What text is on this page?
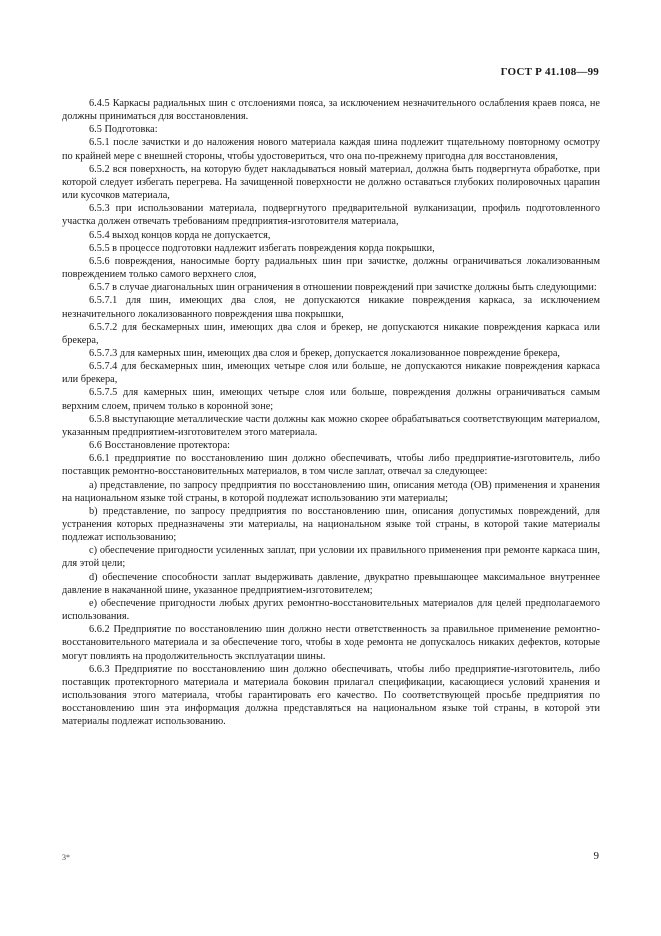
ГОСТ Р 41.108—99

6.4.5 Каркасы радиальных шин с отслоениями пояса, за исключением незначительного ослабления краев пояса, не должны приниматься для восстановления.

6.5 Подготовка:

6.5.1 после зачистки и до наложения нового материала каждая шина подлежит тщательному повторному осмотру по крайней мере с внешней стороны, чтобы удостовериться, что она по-прежнему пригодна для восстановления,

6.5.2 вся поверхность, на которую будет накладываться новый материал, должна быть подвергнута обработке, при которой следует избегать перегрева. На зачищенной поверхности не должно оставаться глубоких полировочных царапин или кусочков материала,

6.5.3 при использовании материала, подвергнутого предварительной вулканизации, профиль подготовленного участка должен отвечать требованиям предприятия-изготовителя материала,

6.5.4 выход концов корда не допускается,

6.5.5 в процессе подготовки надлежит избегать повреждения корда покрышки,

6.5.6 повреждения, наносимые борту радиальных шин при зачистке, должны ограничиваться локализованным повреждением только самого верхнего слоя,

6.5.7 в случае диагональных шин ограничения в отношении повреждений при зачистке должны быть следующими:

6.5.7.1 для шин, имеющих два слоя, не допускаются никакие повреждения каркаса, за исключением незначительного локализованного повреждения шва покрышки,

6.5.7.2 для бескамерных шин, имеющих два слоя и брекер, не допускаются никакие повреждения каркаса или брекера,

6.5.7.3 для камерных шин, имеющих два слоя и брекер, допускается локализованное повреждение брекера,

6.5.7.4 для бескамерных шин, имеющих четыре слоя или больше, не допускаются никакие повреждения каркаса или брекера,

6.5.7.5 для камерных шин, имеющих четыре слоя или больше, повреждения должны ограничиваться самым верхним слоем, причем только в коронной зоне;

6.5.8 выступающие металлические части должны как можно скорее обрабатываться соответствующим материалом, указанным предприятием-изготовителем этого материала.

6.6 Восстановление протектора:

6.6.1 предприятие по восстановлению шин должно обеспечивать, чтобы либо предприятие-изготовитель, либо поставщик ремонтно-восстановительных материалов, в том числе заплат, отвечал за следующее:

а) представление, по запросу предприятия по восстановлению шин, описания метода (ОВ) применения и хранения на национальном языке той страны, в которой подлежат использованию эти материалы;

b) представление, по запросу предприятия по восстановлению шин, описания допустимых повреждений, для устранения которых предназначены эти материалы, на национальном языке той страны, в которой такие материалы подлежат использованию;

с) обеспечение пригодности усиленных заплат, при условии их правильного применения при ремонте каркаса шин, для этой цели;

d) обеспечение способности заплат выдерживать давление, двукратно превышающее максимальное внутреннее давление в накачанной шине, указанное предприятием-изготовителем;

е) обеспечение пригодности любых других ремонтно-восстановительных материалов для целей предполагаемого использования.

6.6.2 Предприятие по восстановлению шин должно нести ответственность за правильное применение ремонтно-восстановительного материала и за обеспечение того, чтобы в ходе ремонта не допускалось никаких дефектов, которые могут повлиять на продолжительность эксплуатации шины.

6.6.3 Предприятие по восстановлению шин должно обеспечивать, чтобы либо предприятие-изготовитель, либо поставщик протекторного материала и материала боковин прилагал спецификации, касающиеся условий хранения и использования этого материала, чтобы гарантировать его качество. По соответствующей просьбе предприятия по восстановлению шин эта информация должна представляться на национальном языке той страны, в которой эти материалы подлежат использованию.

3*	9
